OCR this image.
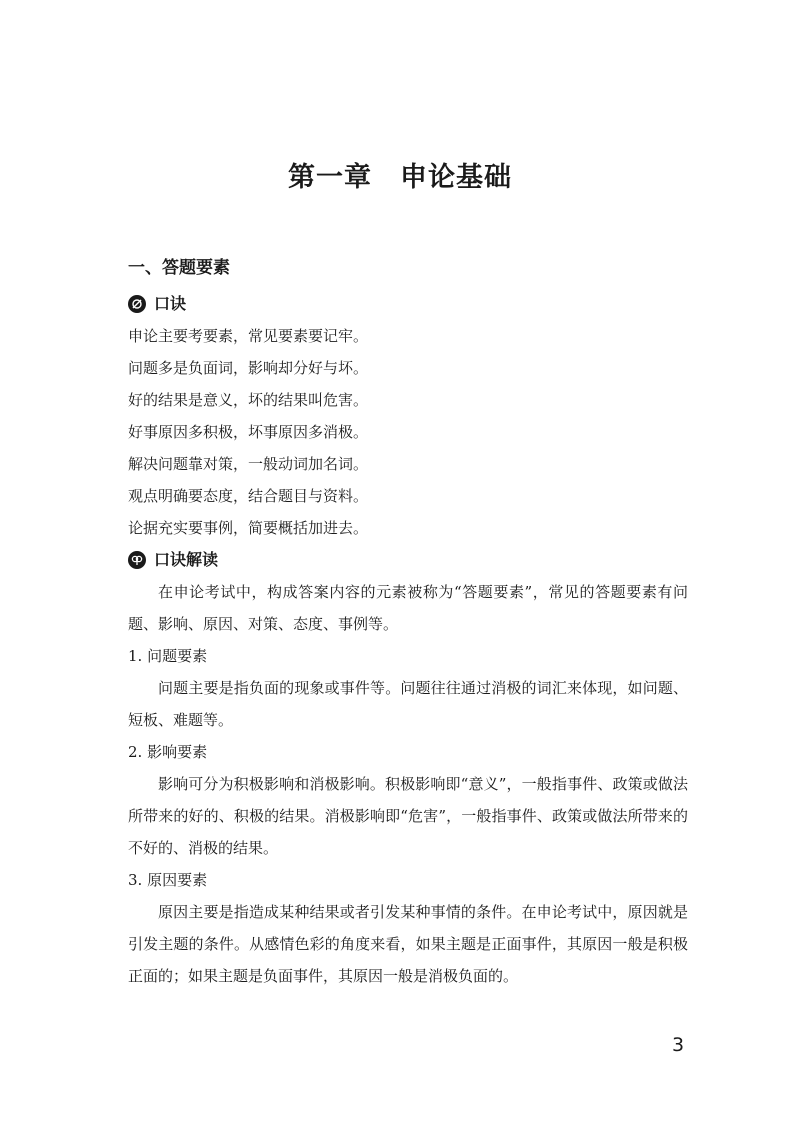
第一章　申论基础
一、答题要素
口诀
申论主要考要素，常见要素要记牢。
问题多是负面词，影响却分好与坏。
好的结果是意义，坏的结果叫危害。
好事原因多积极，坏事原因多消极。
解决问题靠对策，一般动词加名词。
观点明确要态度，结合题目与资料。
论据充实要事例，简要概括加进去。
口诀解读

在申论考试中，构成答案内容的元素被称为“答题要素”，常见的答题要素有问题、影响、原因、对策、态度、事例等。

1. 问题要素

问题主要是指负面的现象或事件等。问题往往通过消极的词汇来体现，如问题、短板、难题等。

2. 影响要素

影响可分为积极影响和消极影响。积极影响即“意义”，一般指事件、政策或做法所带来的好的、积极的结果。消极影响即“危害”，一般指事件、政策或做法所带来的不好的、消极的结果。

3. 原因要素

原因主要是指造成某种结果或者引发某种事情的条件。在申论考试中，原因就是引发主题的条件。从感情色彩的角度来看，如果主题是正面事件，其原因一般是积极正面的；如果主题是负面事件，其原因一般是消极负面的。

3
